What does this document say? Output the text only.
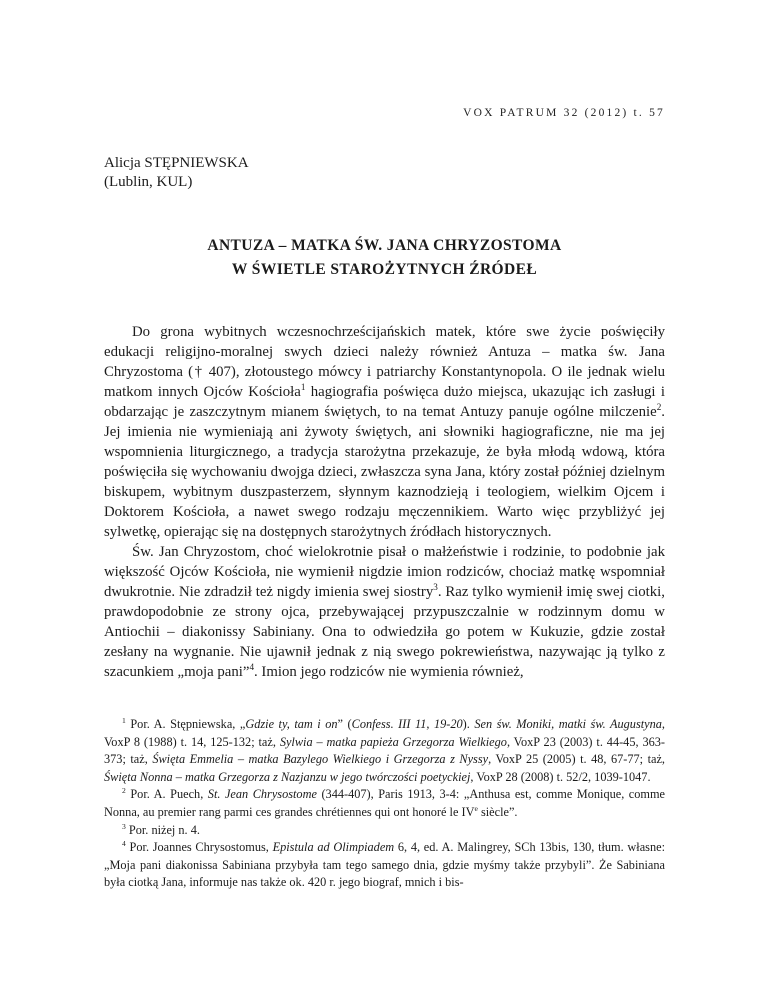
VOX PATRUM 32 (2012) t. 57
Alicja STĘPNIEWSKA
(Lublin, KUL)
ANTUZA – MATKA ŚW. JANA CHRYZOSTOMA
W ŚWIETLE STAROŻYTNYCH ŹRÓDEŁ

Do grona wybitnych wczesnochrześcijańskich matek, które swe życie poświęciły edukacji religijno-moralnej swych dzieci należy również Antuza – matka św. Jana Chryzostoma († 407), złotoustego mówcy i patriarchy Konstantynopola. O ile jednak wielu matkom innych Ojców Kościoła$^1$ hagiografia poświęca dużo miejsca, ukazując ich zasługi i obdarzając je zaszczytnym mianem świętych, to na temat Antuzy panuje ogólne milczenie$^2$. Jej imienia nie wymieniają ani żywoty świętych, ani słowniki hagiograficzne, nie ma jej wspomnienia liturgicznego, a tradycja starożytna przekazuje, że była młodą wdową, która poświęciła się wychowaniu dwojga dzieci, zwłaszcza syna Jana, który został później dzielnym biskupem, wybitnym duszpasterzem, słynnym kaznodzieją i teologiem, wielkim Ojcem i Doktorem Kościoła, a nawet swego rodzaju męczennikiem. Warto więc przybliżyć jej sylwetkę, opierając się na dostępnych starożytnych źródłach historycznych.

Św. Jan Chryzostom, choć wielokrotnie pisał o małżeństwie i rodzinie, to podobnie jak większość Ojców Kościoła, nie wymienił nigdzie imion rodziców, chociaż matkę wspomniał dwukrotnie. Nie zdradził też nigdy imienia swej siostry$^3$. Raz tylko wymienił imię swej ciotki, prawdopodobnie ze strony ojca, przebywającej przypuszczalnie w rodzinnym domu w Antiochii – diakonissy Sabiniany. Ona to odwiedziła go potem w Kukuzie, gdzie został zesłany na wygnanie. Nie ujawnił jednak z nią swego pokrewieństwa, nazywając ją tylko z szacunkiem „moja pani”$^4$. Imion jego rodziców nie wymienia również,

$^1$ Por. A. Stępniewska, „Gdzie ty, tam i on” (Confess. III 11, 19-20). Sen św. Moniki, matki św. Augustyna, VoxP 8 (1988) t. 14, 125-132; taż, Sylwia – matka papieża Grzegorza Wielkiego, VoxP 23 (2003) t. 44-45, 363-373; taż, Święta Emmelia – matka Bazylego Wielkiego i Grzegorza z Nyssy, VoxP 25 (2005) t. 48, 67-77; taż, Święta Nonna – matka Grzegorza z Nazjanzu w jego twórczości poetyckiej, VoxP 28 (2008) t. 52/2, 1039-1047.

$^2$ Por. A. Puech, St. Jean Chrysostome (344-407), Paris 1913, 3-4: „Anthusa est, comme Monique, comme Nonna, au premier rang parmi ces grandes chrétiennes qui ont honoré le IVe siècle”.

$^3$ Por. niżej n. 4.

$^4$ Por. Joannes Chrysostomus, Epistula ad Olimpiadem 6, 4, ed. A. Malingrey, SCh 13bis, 130, tłum. własne: „Moja pani diakonissa Sabiniana przybyła tam tego samego dnia, gdzie myśmy także przybyli”. Że Sabiniana była ciotką Jana, informuje nas także ok. 420 r. jego biograf, mnich i bis-
